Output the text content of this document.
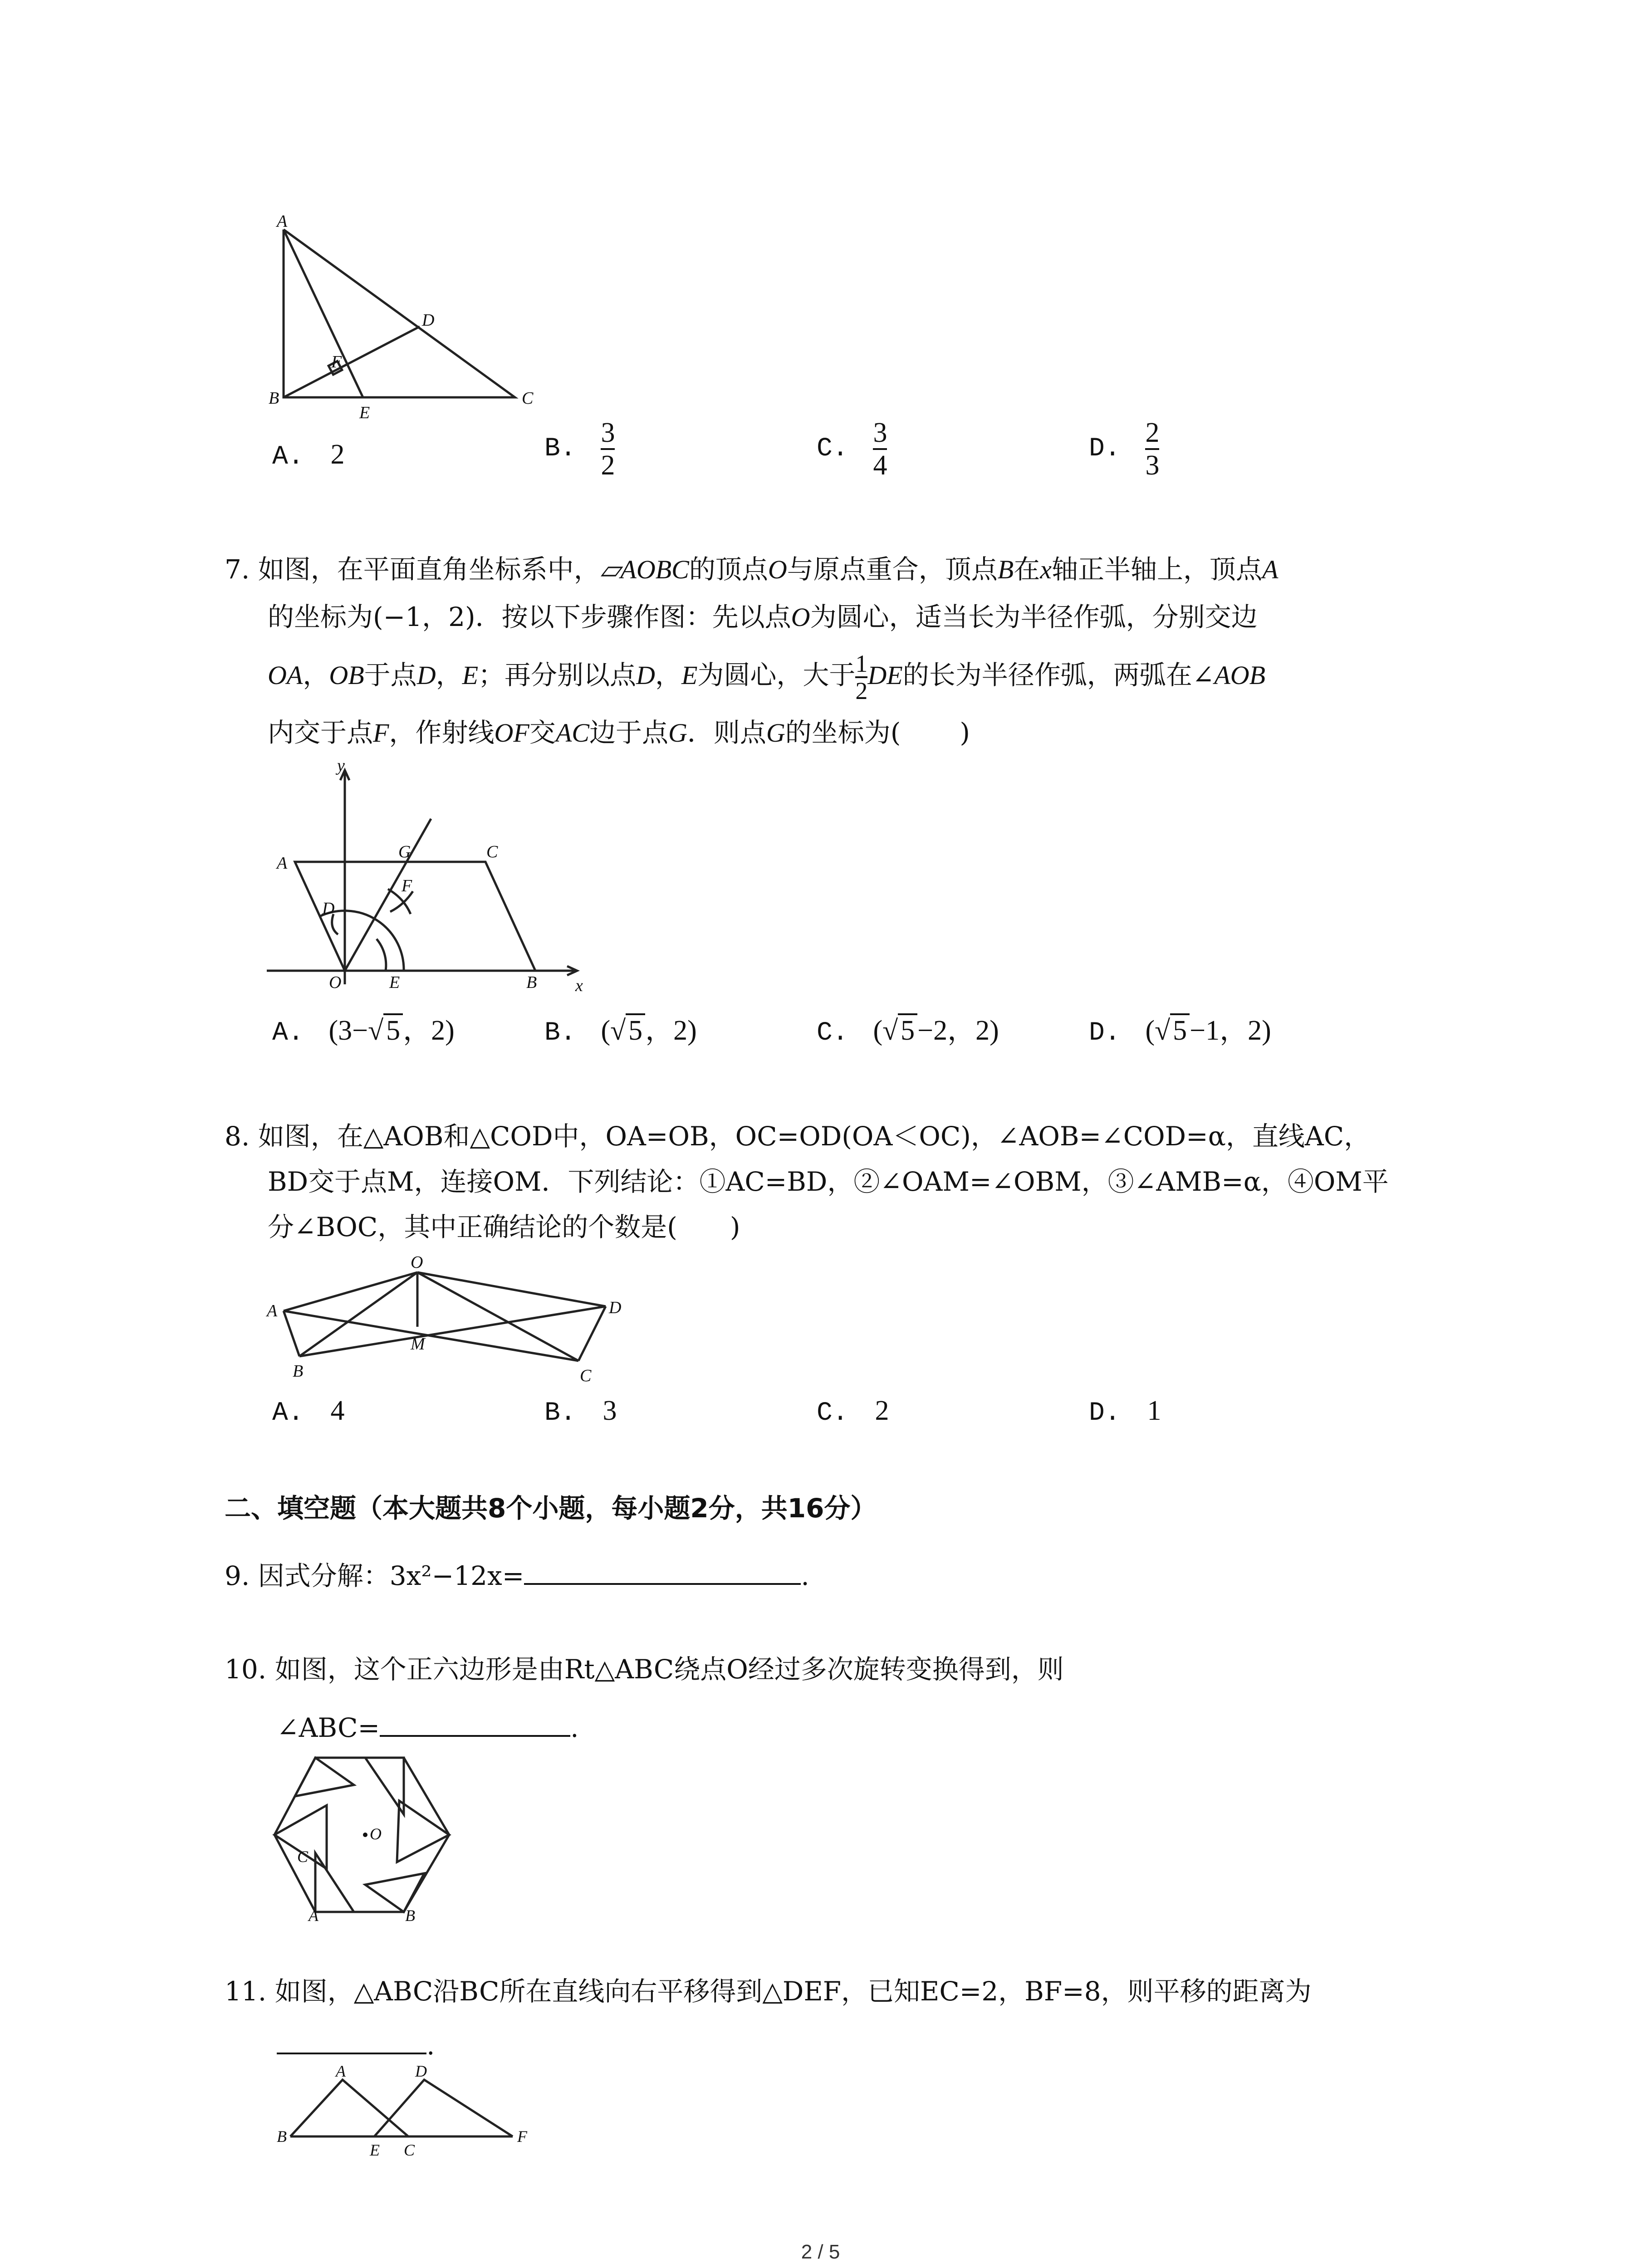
A
B	C
D
E
F
A. 2	B. $\frac{3}{2}$	C. $\frac{3}{4}$	D. $\frac{2}{3}$
7. 如图，在平面直角坐标系中，▱AOBC的顶点O与原点重合，顶点B在x轴正半轴上，顶点A
的坐标为(−1，2)．按以下步骤作图：先以点O为圆心，适当长为半径作弧，分别交边
OA，OB于点D，E；再分别以点D，E为圆心，大于 $\frac{1}{2}$ DE的长为半径作弧，两弧在∠AOB
内交于点F，作射线OF交AC边于点G．则点G的坐标为( )
y
x
A
C
G
F
D
O	E	B
A. (3−√5，2)	B. (√5，2)	C. (√5−2，2)	D. (√5−1，2)
8. 如图，在△AOB和△COD中，OA=OB，OC=OD(OA＜OC)，∠AOB=∠COD=α，直线AC，
BD交于点M，连接OM．下列结论：①AC=BD，②∠OAM=∠OBM，③∠AMB=α，④OM平
分∠BOC，其中正确结论的个数是(　　)
O
A	D
B
M
C
A. 4	B. 3	C. 2	D. 1
二、填空题（本大题共8个小题，每小题2分，共16分）
9. 因式分解：3x²−12x=	.
10. 如图，这个正六边形是由Rt△ABC绕点O经过多次旋转变换得到，则
∠ABC=	.
O
C
A	B
11. 如图，△ABC沿BC所在直线向右平移得到△DEF，已知EC=2，BF=8，则平移的距离为
.
A	D
B
E C
F
2 / 5
